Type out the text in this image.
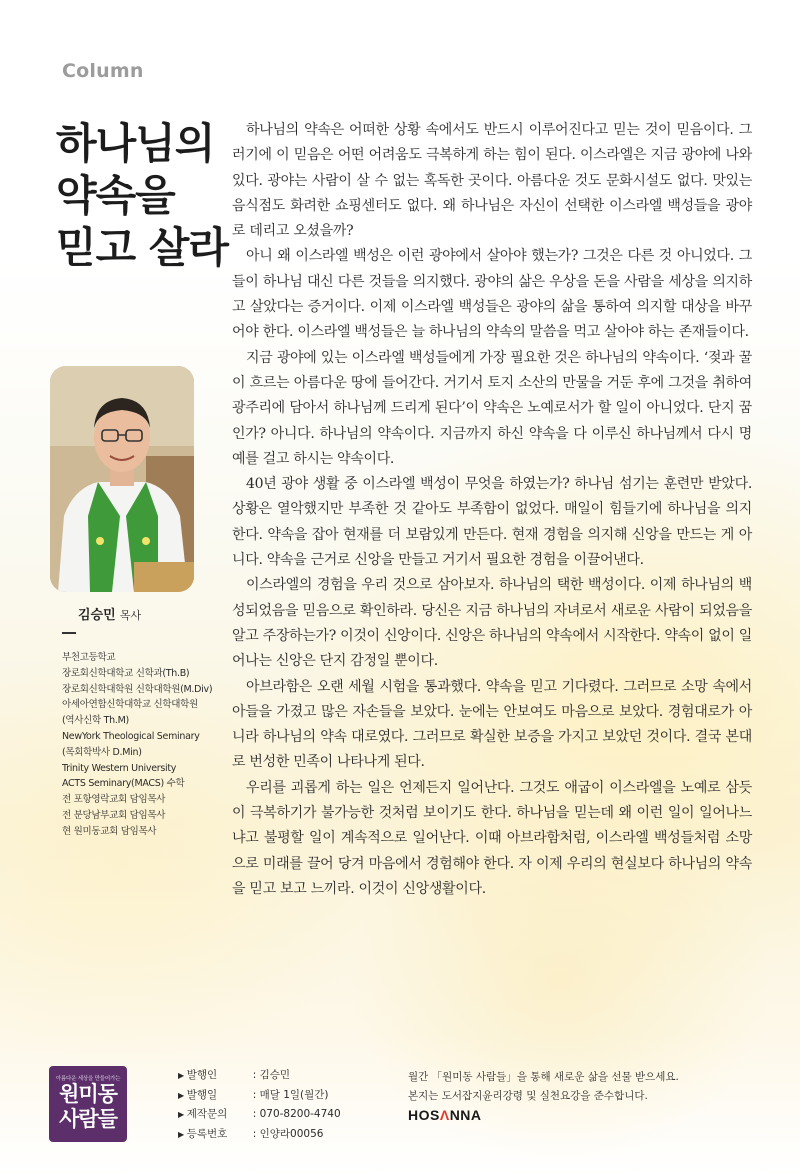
Column
하나님의
약속을
믿고 살라
김승민 목사
부천고등학교
장로회신학대학교 신학과(Th.B)
장로회신학대학원 신학대학원(M.Div)
아세아연합신학대학교 신학대학원
(역사신학 Th.M)
NewYork Theological Seminary
(목회학박사 D.Min)
Trinity Western University
ACTS Seminary(MACS) 수학
전 포항영락교회 담임목사
전 분당남부교회 담임목사
현 원미동교회 담임목사

하나님의 약속은 어떠한 상황 속에서도 반드시 이루어진다고 믿는 것이 믿음이다. 그러기에 이 믿음은 어떤 어려움도 극복하게 하는 힘이 된다. 이스라엘은 지금 광야에 나와 있다. 광야는 사람이 살 수 없는 혹독한 곳이다. 아름다운 것도 문화시설도 없다. 맛있는 음식점도 화려한 쇼핑센터도 없다. 왜 하나님은 자신이 선택한 이스라엘 백성들을 광야로 데리고 오셨을까?

아니 왜 이스라엘 백성은 이런 광야에서 살아야 했는가? 그것은 다른 것 아니었다. 그들이 하나님 대신 다른 것들을 의지했다. 광야의 삶은 우상을 돈을 사람을 세상을 의지하고 살았다는 증거이다. 이제 이스라엘 백성들은 광야의 삶을 통하여 의지할 대상을 바꾸어야 한다. 이스라엘 백성들은 늘 하나님의 약속의 말씀을 먹고 살아야 하는 존재들이다.

지금 광야에 있는 이스라엘 백성들에게 가장 필요한 것은 하나님의 약속이다. ‘젖과 꿀이 흐르는 아름다운 땅에 들어간다. 거기서 토지 소산의 만물을 거둔 후에 그것을 취하여 광주리에 담아서 하나님께 드리게 된다’이 약속은 노예로서가 할 일이 아니었다. 단지 꿈인가? 아니다. 하나님의 약속이다. 지금까지 하신 약속을 다 이루신 하나님께서 다시 명예를 걸고 하시는 약속이다.

40년 광야 생활 중 이스라엘 백성이 무엇을 하였는가? 하나님 섬기는 훈련만 받았다. 상황은 열악했지만 부족한 것 같아도 부족함이 없었다. 매일이 힘들기에 하나님을 의지한다. 약속을 잡아 현재를 더 보람있게 만든다. 현재 경험을 의지해 신앙을 만드는 게 아니다. 약속을 근거로 신앙을 만들고 거기서 필요한 경험을 이끌어낸다.

이스라엘의 경험을 우리 것으로 삼아보자. 하나님의 택한 백성이다. 이제 하나님의 백성되었음을 믿음으로 확인하라. 당신은 지금 하나님의 자녀로서 새로운 사람이 되었음을 알고 주장하는가? 이것이 신앙이다. 신앙은 하나님의 약속에서 시작한다. 약속이 없이 일어나는 신앙은 단지 감정일 뿐이다.

아브라함은 오랜 세월 시험을 통과했다. 약속을 믿고 기다렸다. 그러므로 소망 속에서 아들을 가졌고 많은 자손들을 보았다. 눈에는 안보여도 마음으로 보았다. 경험대로가 아니라 하나님의 약속 대로였다. 그러므로 확실한 보증을 가지고 보았던 것이다. 결국 본대로 번성한 민족이 나타나게 된다.

우리를 괴롭게 하는 일은 언제든지 일어난다. 그것도 애굽이 이스라엘을 노예로 삼듯이 극복하기가 불가능한 것처럼 보이기도 한다. 하나님을 믿는데 왜 이런 일이 일어나느냐고 불평할 일이 계속적으로 일어난다. 이때 아브라함처럼, 이스라엘 백성들처럼 소망으로 미래를 끌어 당겨 마음에서 경험해야 한다. 자 이제 우리의 현실보다 하나님의 약속을 믿고 보고 느끼라. 이것이 신앙생활이다.

아름다운 세상을 만들어가는
원미동
사람들
▶ 발행인	: 김승민
▶ 발행일	: 매달 1일(월간)
▶ 제작문의 : 070-8200-4740
▶ 등록번호 : 인양라00056
월간 「원미동 사람들」을 통해 새로운 삶을 선물 받으세요.
본지는 도서잡지윤리강령 및 실천요강을 준수합니다.
HOSɅNNA
